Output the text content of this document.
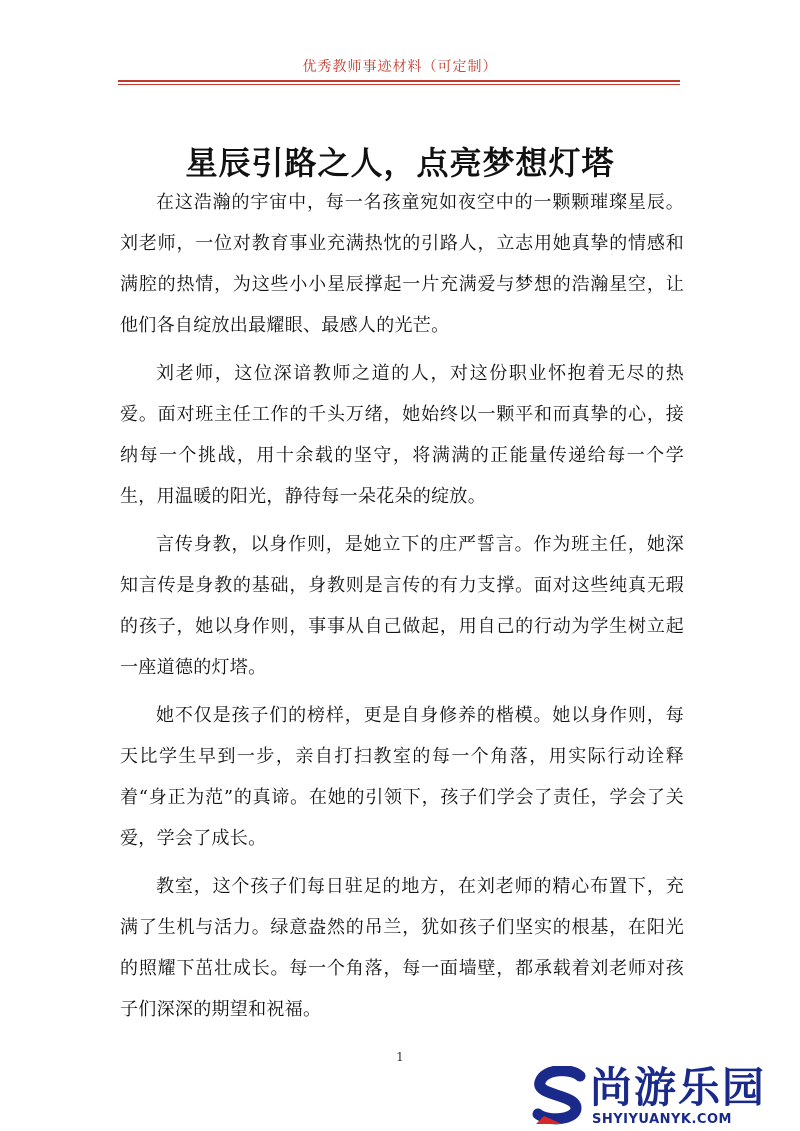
优秀教师事迹材料（可定制）
星辰引路之人，点亮梦想灯塔

在这浩瀚的宇宙中，每一名孩童宛如夜空中的一颗颗璀璨星辰。刘老师，一位对教育事业充满热忱的引路人，立志用她真挚的情感和满腔的热情，为这些小小星辰撑起一片充满爱与梦想的浩瀚星空，让他们各自绽放出最耀眼、最感人的光芒。

刘老师，这位深谙教师之道的人，对这份职业怀抱着无尽的热爱。面对班主任工作的千头万绪，她始终以一颗平和而真挚的心，接纳每一个挑战，用十余载的坚守，将满满的正能量传递给每一个学生，用温暖的阳光，静待每一朵花朵的绽放。

言传身教，以身作则，是她立下的庄严誓言。作为班主任，她深知言传是身教的基础，身教则是言传的有力支撑。面对这些纯真无瑕的孩子，她以身作则，事事从自己做起，用自己的行动为学生树立起一座道德的灯塔。

她不仅是孩子们的榜样，更是自身修养的楷模。她以身作则，每天比学生早到一步，亲自打扫教室的每一个角落，用实际行动诠释着“身正为范”的真谛。在她的引领下，孩子们学会了责任，学会了关爱，学会了成长。

教室，这个孩子们每日驻足的地方，在刘老师的精心布置下，充满了生机与活力。绿意盎然的吊兰，犹如孩子们坚实的根基，在阳光的照耀下茁壮成长。每一个角落，每一面墙壁，都承载着刘老师对孩子们深深的期望和祝福。

1
尚游乐园
SHYIYUANYK.COM
